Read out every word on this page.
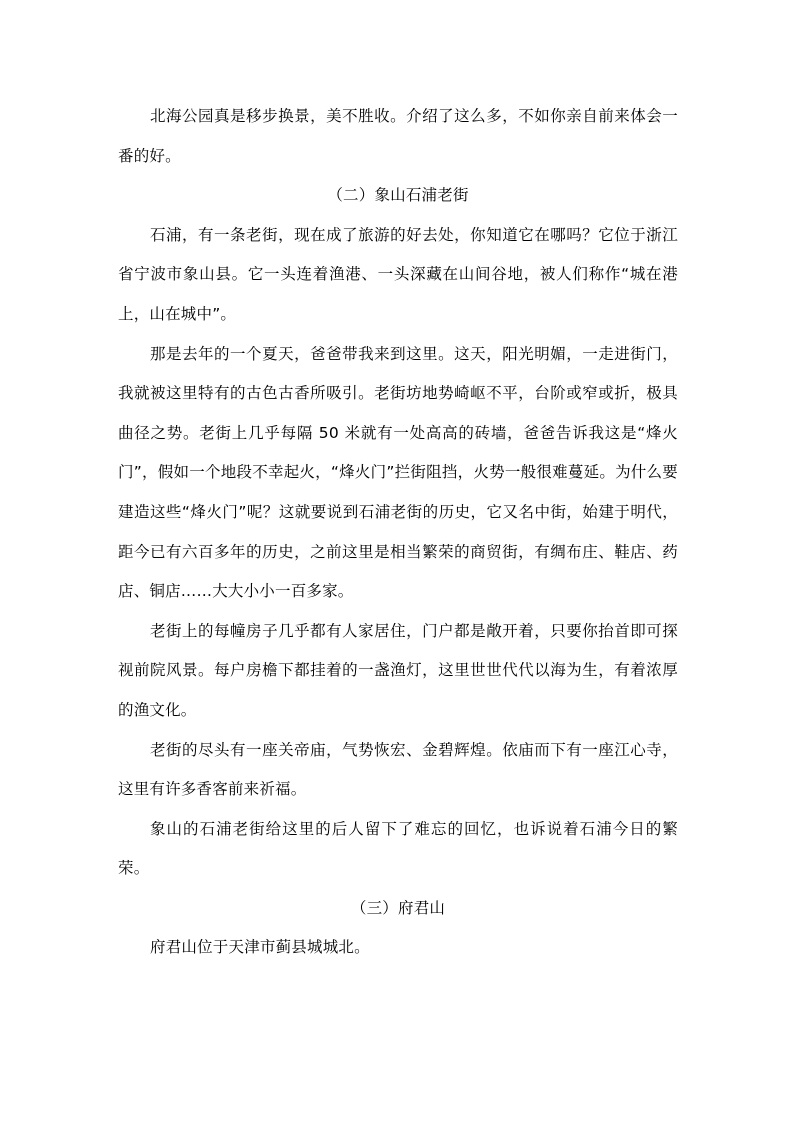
北海公园真是移步换景，美不胜收。介绍了这么多，不如你亲自前来体会一番的好。

（二）象山石浦老街

石浦，有一条老街，现在成了旅游的好去处，你知道它在哪吗？它位于浙江省宁波市象山县。它一头连着渔港、一头深藏在山间谷地，被人们称作“城在港上，山在城中”。

那是去年的一个夏天，爸爸带我来到这里。这天，阳光明媚，一走进街门，我就被这里特有的古色古香所吸引。老街坊地势崎岖不平，台阶或窄或折，极具曲径之势。老街上几乎每隔 50 米就有一处高高的砖墙，爸爸告诉我这是“烽火门”，假如一个地段不幸起火，“烽火门”拦街阻挡，火势一般很难蔓延。为什么要建造这些“烽火门”呢？这就要说到石浦老街的历史，它又名中街，始建于明代，距今已有六百多年的历史，之前这里是相当繁荣的商贸街，有绸布庄、鞋店、药店、铜店……大大小小一百多家。

老街上的每幢房子几乎都有人家居住，门户都是敞开着，只要你抬首即可探视前院风景。每户房檐下都挂着的一盏渔灯，这里世世代代以海为生，有着浓厚的渔文化。

老街的尽头有一座关帝庙，气势恢宏、金碧辉煌。依庙而下有一座江心寺，这里有许多香客前来祈福。

象山的石浦老街给这里的后人留下了难忘的回忆，也诉说着石浦今日的繁荣。

（三）府君山

府君山位于天津市蓟县城城北。
